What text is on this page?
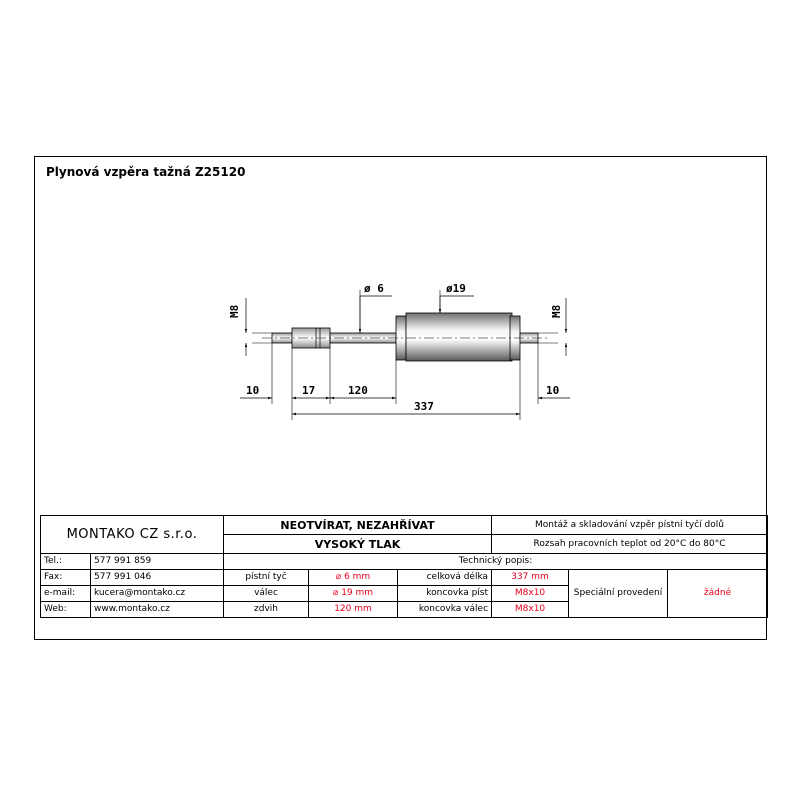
Plynová vzpěra tažná Z25120
10	17	120
337
10
ø 6	ø19
M8	M8
MONTAKO CZ s.r.o.		NEOTVÍRAT, NEZAHŘÍVAT			Montáž a skladování vzpěr pístní tyčí dolů		
		VYSOKÝ TLAK			Rozsah pracovních teplot od 20°C do 80°C		
Tel.:	577 991 859	Technický popis:					
Fax:	577 991 046	pístní tyč	⌀ 6 mm	celková délka	337 mm	Speciální provedení	žádné
e-mail:	kucera@montako.cz	válec	⌀ 19 mm	koncovka píst	M8x10		
Web:	www.montako.cz	zdvih	120 mm	koncovka válec	M8x10		
